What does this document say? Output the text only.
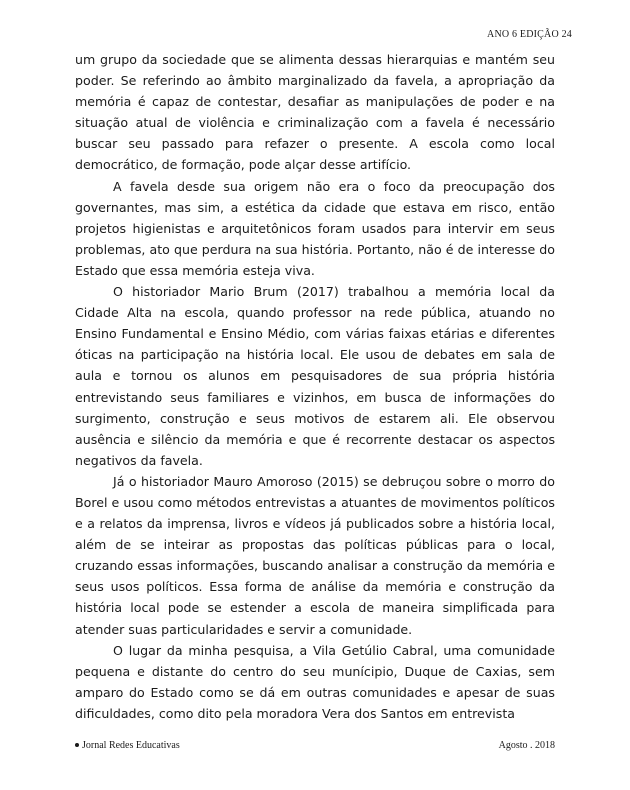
ANO 6 EDIÇÃO 24

um grupo da sociedade que se alimenta dessas hierarquias e mantém seu poder. Se referindo ao âmbito marginalizado da favela, a apropriação da memória é capaz de contestar, desafiar as manipulações de poder e na situação atual de violência e criminalização com a favela é necessário buscar seu passado para refazer o presente. A escola como local democrático, de formação, pode alçar desse artifício.

A favela desde sua origem não era o foco da preocupação dos governantes, mas sim, a estética da cidade que estava em risco, então projetos higienistas e arquitetônicos foram usados para intervir em seus problemas, ato que perdura na sua história. Portanto, não é de interesse do Estado que essa memória esteja viva.

O historiador Mario Brum (2017) trabalhou a memória local da Cidade Alta na escola, quando professor na rede pública, atuando no Ensino Fundamental e Ensino Médio, com várias faixas etárias e diferentes óticas na participação na história local. Ele usou de debates em sala de aula e tornou os alunos em pesquisadores de sua própria história entrevistando seus familiares e vizinhos, em busca de informações do surgimento, construção e seus motivos de estarem ali. Ele observou ausência e silêncio da memória e que é recorrente destacar os aspectos negativos da favela.

Já o historiador Mauro Amoroso (2015) se debruçou sobre o morro do Borel e usou como métodos entrevistas a atuantes de movimentos políticos e a relatos da imprensa, livros e vídeos já publicados sobre a história local, além de se inteirar as propostas das políticas públicas para o local, cruzando essas informações, buscando analisar a construção da memória e seus usos políticos. Essa forma de análise da memória e construção da história local pode se estender a escola de maneira simplificada para atender suas particularidades e servir a comunidade.

O lugar da minha pesquisa, a Vila Getúlio Cabral, uma comunidade pequena e distante do centro do seu munícipio, Duque de Caxias, sem amparo do Estado como se dá em outras comunidades e apesar de suas dificuldades, como dito pela moradora Vera dos Santos em entrevista

Jornal Redes Educativas	Agosto . 2018
